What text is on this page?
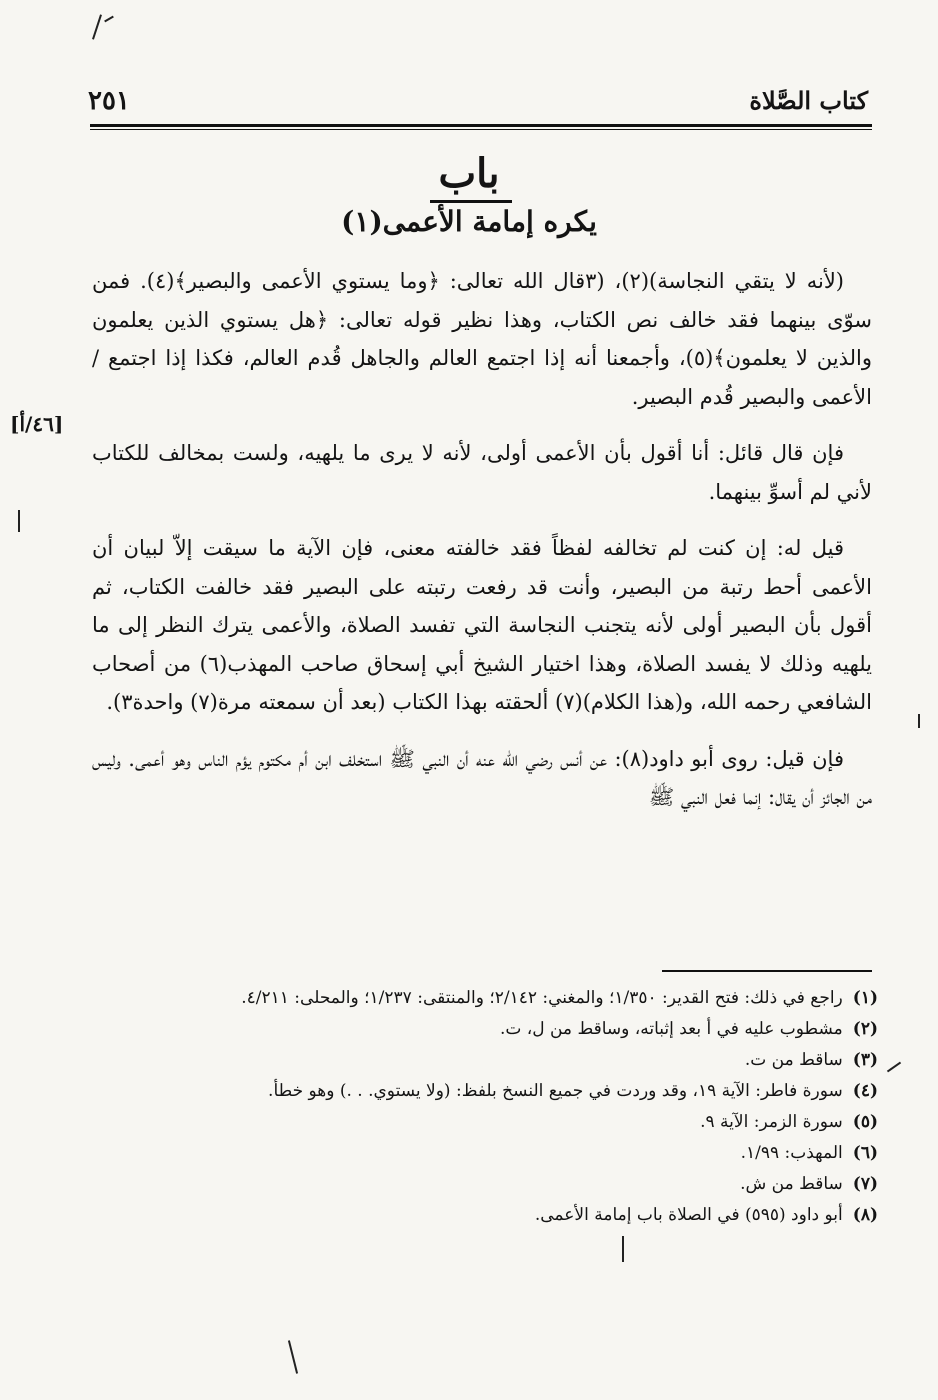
٢٥١	كتاب الصَّلاة
باب
يكره إمامة الأعمى(١)

(لأنه لا يتقي النجاسة)(٢)، (٣قال الله تعالى: ﴿وما يستوي الأعمى والبصير﴾(٤). فمن سوّى بينهما فقد خالف نص الكتاب، وهذا نظير قوله تعالى: ﴿هل يستوي الذين يعلمون والذين لا يعلمون﴾(٥)، وأجمعنا أنه إذا اجتمع العالم والجاهل قُدم العالم، فكذا إذا اجتمع / الأعمى والبصير قُدم البصير.

فإن قال قائل: أنا أقول بأن الأعمى أولى، لأنه لا يرى ما يلهيه، ولست بمخالف للكتاب لأني لم أسوِّ بينهما.

قيل له: إن كنت لم تخالفه لفظاً فقد خالفته معنى، فإن الآية ما سيقت إلاّ لبيان أن الأعمى أحط رتبة من البصير، وأنت قد رفعت رتبته على البصير فقد خالفت الكتاب، ثم أقول بأن البصير أولى لأنه يتجنب النجاسة التي تفسد الصلاة، والأعمى يترك النظر إلى ما يلهيه وذلك لا يفسد الصلاة، وهذا اختيار الشيخ أبي إسحاق صاحب المهذب(٦) من أصحاب الشافعي رحمه الله، و(هذا الكلام)(٧) ألحقته بهذا الكتاب (بعد أن سمعته مرة(٧) واحدة٣).

فإن قيل: روى أبو داود(٨): عن أنس رضي الله عنه أن النبي ﷺ استخلف ابن أم مكتوم يؤم الناس وهو أعمى. وليس من الجائز أن يقال: إنما فعل النبي ﷺ

[٤٦/أ]
(١)راجع في ذلك: فتح القدير: ١/٣٥٠؛ والمغني: ٢/١٤٢؛ والمنتقى: ١/٢٣٧؛ والمحلى: ٤/٢١١.
(٢)مشطوب عليه في أ بعد إثباته، وساقط من ل، ت.
(٣)ساقط من ت.
(٤)سورة فاطر: الآية ١٩، وقد وردت في جميع النسخ بلفظ: (ولا يستوي. . .) وهو خطأ.
(٥)سورة الزمر: الآية ٩.
(٦)المهذب: ١/٩٩.
(٧)ساقط من ش.
(٨)أبو داود (٥٩٥) في الصلاة باب إمامة الأعمى.
